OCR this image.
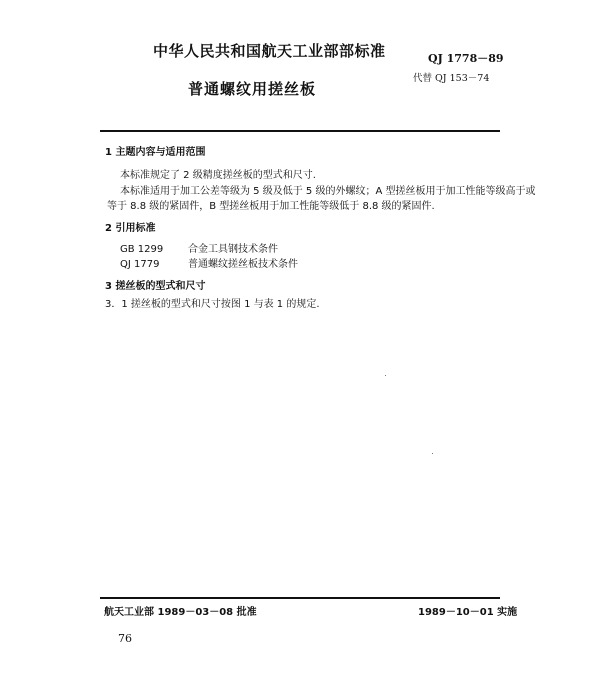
中华人民共和国航天工业部部标准	QJ 1778－89
代替 QJ 153－74
普通螺纹用搓丝板
1 主题内容与适用范围
本标准规定了 2 级精度搓丝板的型式和尺寸.
本标准适用于加工公差等级为 5 级及低于 5 级的外螺纹；A 型搓丝板用于加工性能等级高于或
等于 8.8 级的紧固件，B 型搓丝板用于加工性能等级低于 8.8 级的紧固件.
2 引用标准
GB 1299 合金工具钢技术条件
QJ 1779	普通螺纹搓丝板技术条件
3 搓丝板的型式和尺寸
3．1 搓丝板的型式和尺寸按图 1 与表 1 的规定.
航天工业部 1989－03－08 批准	1989－10－01 实施
76
